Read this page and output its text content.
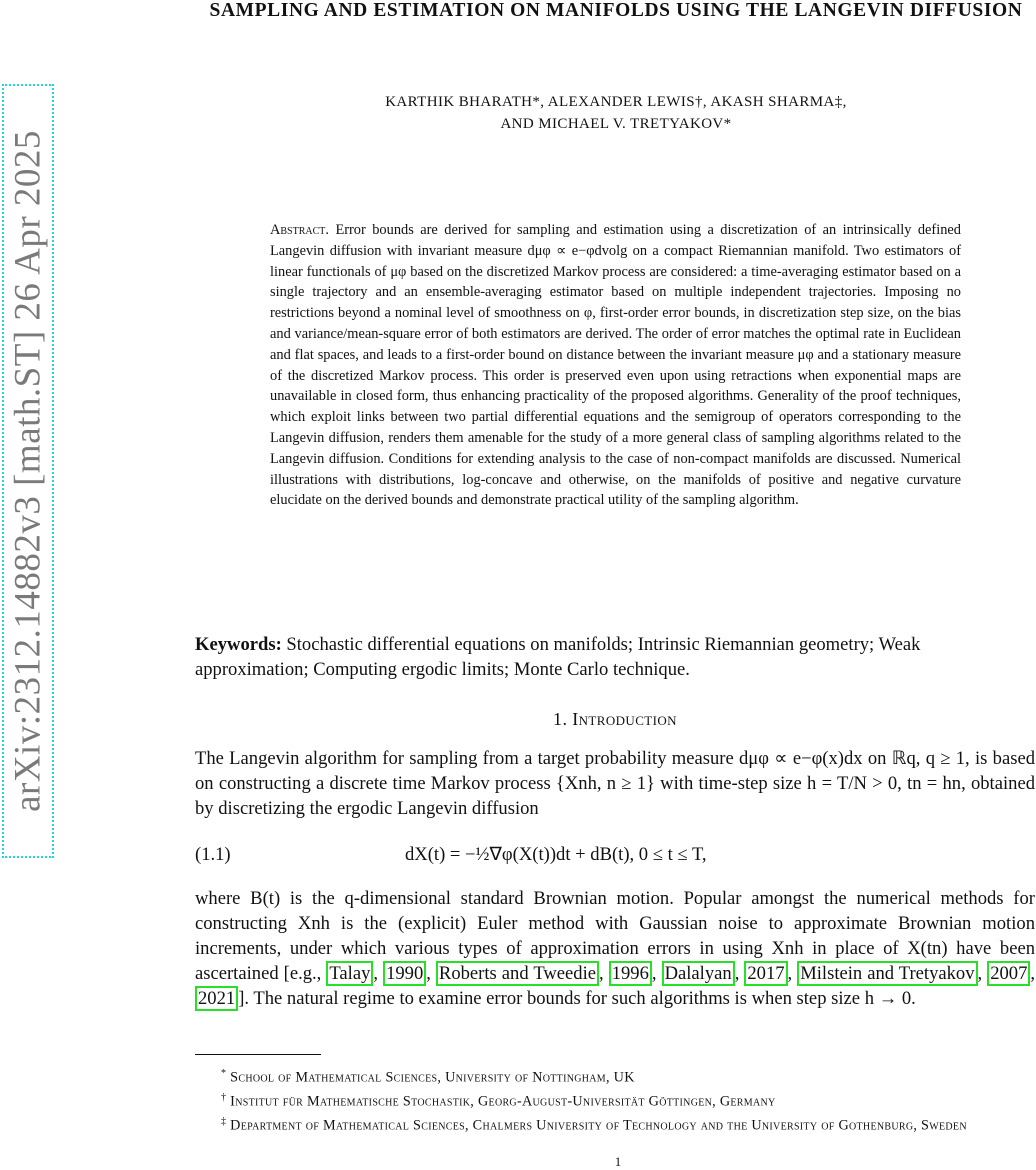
arXiv:2312.14882v3 [math.ST] 26 Apr 2025
SAMPLING AND ESTIMATION ON MANIFOLDS USING THE LANGEVIN DIFFUSION
KARTHIK BHARATH*, ALEXANDER LEWIS†, AKASH SHARMA‡,
AND MICHAEL V. TRETYAKOV*
Abstract. Error bounds are derived for sampling and estimation using a discretization of an intrinsically defined Langevin diffusion with invariant measure dμφ ∝ e−φdvolg on a compact Riemannian manifold. Two estimators of linear functionals of μφ based on the discretized Markov process are considered: a time-averaging estimator based on a single trajectory and an ensemble-averaging estimator based on multiple independent trajectories. Imposing no restrictions beyond a nominal level of smoothness on φ, first-order error bounds, in discretization step size, on the bias and variance/mean-square error of both estimators are derived. The order of error matches the optimal rate in Euclidean and flat spaces, and leads to a first-order bound on distance between the invariant measure μφ and a stationary measure of the discretized Markov process. This order is preserved even upon using retractions when exponential maps are unavailable in closed form, thus enhancing practicality of the proposed algorithms. Generality of the proof techniques, which exploit links between two partial differential equations and the semigroup of operators corresponding to the Langevin diffusion, renders them amenable for the study of a more general class of sampling algorithms related to the Langevin diffusion. Conditions for extending analysis to the case of non-compact manifolds are discussed. Numerical illustrations with distributions, log-concave and otherwise, on the manifolds of positive and negative curvature elucidate on the derived bounds and demonstrate practical utility of the sampling algorithm.
Keywords: Stochastic differential equations on manifolds; Intrinsic Riemannian geometry; Weak approximation; Computing ergodic limits; Monte Carlo technique.
1. Introduction
The Langevin algorithm for sampling from a target probability measure dμφ ∝ e−φ(x)dx on ℝq, q ≥ 1, is based on constructing a discrete time Markov process {Xnh, n ≥ 1} with time-step size h = T/N > 0, tn = hn, obtained by discretizing the ergodic Langevin diffusion
(1.1)	dX(t) = −½∇φ(X(t))dt + dB(t), 0 ≤ t ≤ T,
where B(t) is the q-dimensional standard Brownian motion. Popular amongst the numerical methods for constructing Xnh is the (explicit) Euler method with Gaussian noise to approximate Brownian motion increments, under which various types of approximation errors in using Xnh in place of X(tn) have been ascertained [e.g., Talay , 1990 , Roberts and Tweedie , 1996 , Dalalyan , 2017 , Milstein and Tretyakov , 2007 , 2021 ]. The natural regime to examine error bounds for such algorithms is when step size h → 0.
* School of Mathematical Sciences, University of Nottingham, UK
† Institut für Mathematische Stochastik, Georg-August-Universität Göttingen, Germany
‡ Department of Mathematical Sciences, Chalmers University of Technology and the University of Gothenburg, Sweden
1
